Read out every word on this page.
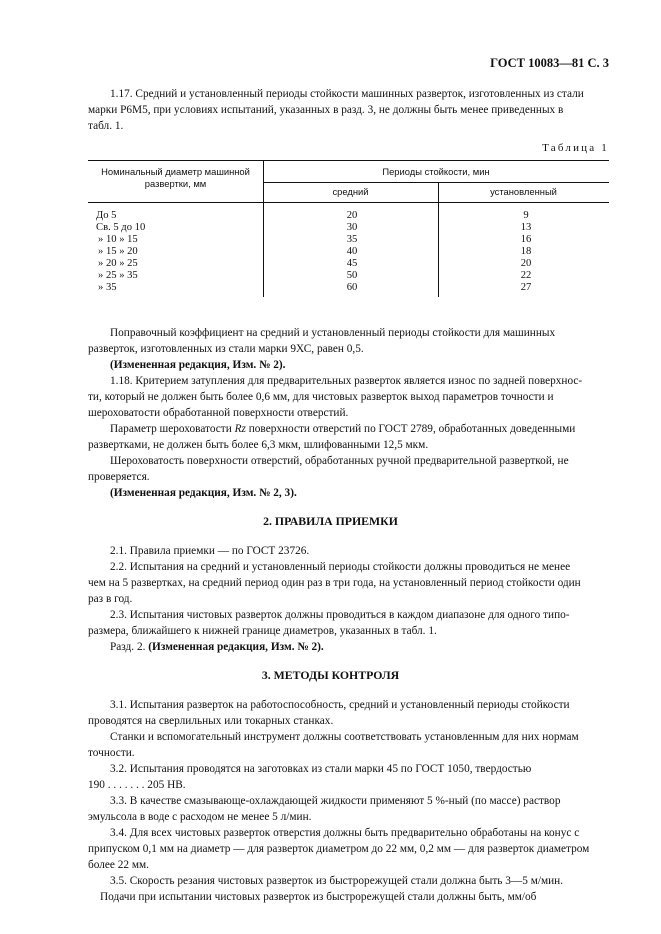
ГОСТ 10083—81 С. 3
1.17. Средний и установленный периоды стойкости машинных разверток, изготовленных из стали
марки Р6М5, при условиях испытаний, указанных в разд. 3, не должны быть менее приведенных в
табл. 1.
Таблица 1
Номинальный диаметр машинной
развертки, мм
Периоды стойкости, мин
средний	установленный
До 5	20	9
Св. 5 до 10	30	13
» 10 » 15	35	16
» 15 » 20	40	18
» 20 » 25	45	20
» 25 » 35	50	22
» 35	60	27
Поправочный коэффициент на средний и установленный периоды стойкости для машинных
разверток, изготовленных из стали марки 9ХС, равен 0,5.
(Измененная редакция, Изм. № 2).
1.18. Критерием затупления для предварительных разверток является износ по задней поверхнос-
ти, который не должен быть более 0,6 мм, для чистовых разверток выход параметров точности и
шероховатости обработанной поверхности отверстий.
Параметр шероховатости Rz поверхности отверстий по ГОСТ 2789, обработанных доведенными
развертками, не должен быть более 6,3 мкм, шлифованными 12,5 мкм.
Шероховатость поверхности отверстий, обработанных ручной предварительной разверткой, не
проверяется.
(Измененная редакция, Изм. № 2, 3).
2. ПРАВИЛА ПРИЕМКИ
2.1. Правила приемки — по ГОСТ 23726.
2.2. Испытания на средний и установленный периоды стойкости должны проводиться не менее
чем на 5 развертках, на средний период один раз в три года, на установленный период стойкости один
раз в год.
2.3. Испытания чистовых разверток должны проводиться в каждом диапазоне для одного типо-
размера, ближайшего к нижней границе диаметров, указанных в табл. 1.
Разд. 2. (Измененная редакция, Изм. № 2).
3. МЕТОДЫ КОНТРОЛЯ
3.1. Испытания разверток на работоспособность, средний и установленный периоды стойкости
проводятся на сверлильных или токарных станках.
Станки и вспомогательный инструмент должны соответствовать установленным для них нормам
точности.
3.2. Испытания проводятся на заготовках из стали марки 45 по ГОСТ 1050, твердостью
190 . . . . . . . 205 НВ.
3.3. В качестве смазывающе-охлаждающей жидкости применяют 5 %-ный (по массе) раствор
эмульсола в воде с расходом не менее 5 л/мин.
3.4. Для всех чистовых разверток отверстия должны быть предварительно обработаны на конус с
припуском 0,1 мм на диаметр — для разверток диаметром до 22 мм, 0,2 мм — для разверток диаметром
более 22 мм.
3.5. Скорость резания чистовых разверток из быстрорежущей стали должна быть 3—5 м/мин.
Подачи при испытании чистовых разверток из быстрорежущей стали должны быть, мм/об
